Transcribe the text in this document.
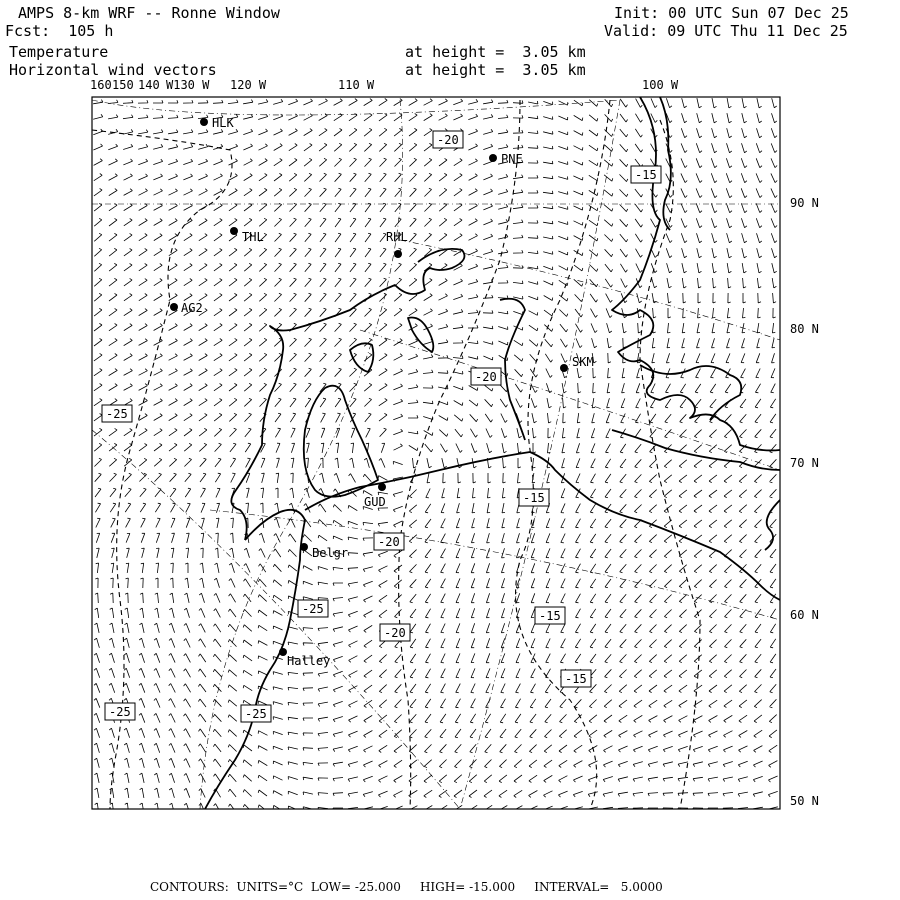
AMPS 8-km WRF -- Ronne Window	Init: 00 UTC Sun 07 Dec 25
Fcst:  105 h	Valid: 09 UTC Thu 11 Dec 25
Temperature	at height =  3.05 km
Horizontal wind vectors	at height =  3.05 km
160 150 140 W130 W 120 W	110 W	100 W
90 N
80 N
70 N
60 N
50 N
-20
-15
-20
-25
-15
-20
-25	-15
-20
-15
-25	-25
HLK
PNE
THL	RHL
AG2
SKM
GUD
Belgr
Halley
CONTOURS:  UNITS=°C  LOW= -25.000     HIGH= -15.000     INTERVAL=   5.0000
